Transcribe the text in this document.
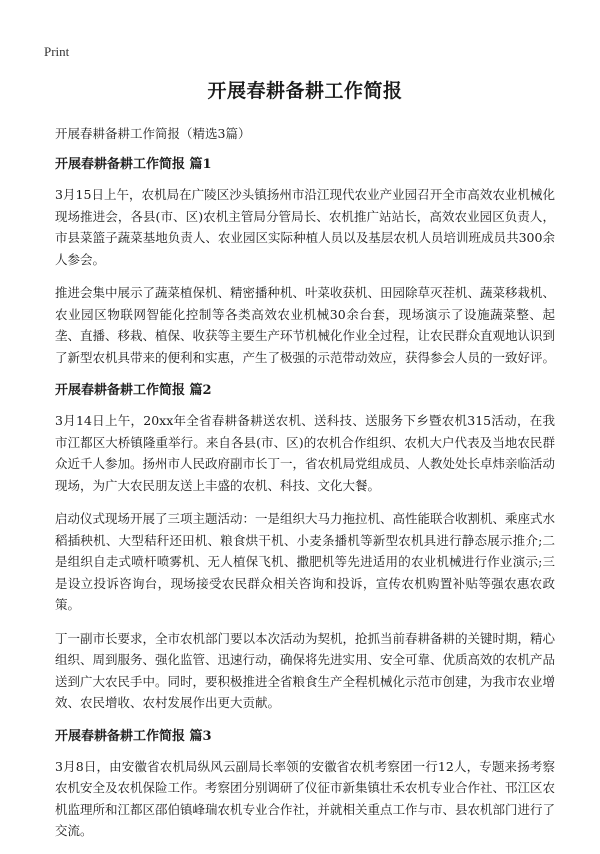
Print
开展春耕备耕工作简报
开展春耕备耕工作简报（精选3篇）
开展春耕备耕工作简报 篇1

3月15日上午，农机局在广陵区沙头镇扬州市沿江现代农业产业园召开全市高效农业机械化现场推进会，各县(市、区)农机主管局分管局长、农机推广站站长，高效农业园区负责人，市县菜篮子蔬菜基地负责人、农业园区实际种植人员以及基层农机人员培训班成员共300余人参会。

推进会集中展示了蔬菜植保机、精密播种机、叶菜收获机、田园除草灭茬机、蔬菜移栽机、农业园区物联网智能化控制等各类高效农业机械30余台套，现场演示了设施蔬菜整、起垄、直播、移栽、植保、收获等主要生产环节机械化作业全过程，让农民群众直观地认识到了新型农机具带来的便利和实惠，产生了极强的示范带动效应，获得参会人员的一致好评。

开展春耕备耕工作简报 篇2

3月14日上午，20xx年全省春耕备耕送农机、送科技、送服务下乡暨农机315活动，在我市江都区大桥镇隆重举行。来自各县(市、区)的农机合作组织、农机大户代表及当地农民群众近千人参加。扬州市人民政府副市长丁一，省农机局党组成员、人教处处长卓炜亲临活动现场，为广大农民朋友送上丰盛的农机、科技、文化大餐。

启动仪式现场开展了三项主题活动：一是组织大马力拖拉机、高性能联合收割机、乘座式水稻插秧机、大型秸秆还田机、粮食烘干机、小麦条播机等新型农机具进行静态展示推介;二是组织自走式喷杆喷雾机、无人植保飞机、撒肥机等先进适用的农业机械进行作业演示;三是设立投诉咨询台，现场接受农民群众相关咨询和投诉，宣传农机购置补贴等强农惠农政策。

丁一副市长要求，全市农机部门要以本次活动为契机，抢抓当前春耕备耕的关键时期，精心组织、周到服务、强化监管、迅速行动，确保将先进实用、安全可靠、优质高效的农机产品送到广大农民手中。同时，要积极推进全省粮食生产全程机械化示范市创建，为我市农业增效、农民增收、农村发展作出更大贡献。

开展春耕备耕工作简报 篇3

3月8日，由安徽省农机局纵风云副局长率领的安徽省农机考察团一行12人，专题来扬考察农机安全及农机保险工作。考察团分别调研了仪征市新集镇壮禾农机专业合作社、邗江区农机监理所和江都区邵伯镇峰瑞农机专业合作社，并就相关重点工作与市、县农机部门进行了交流。
